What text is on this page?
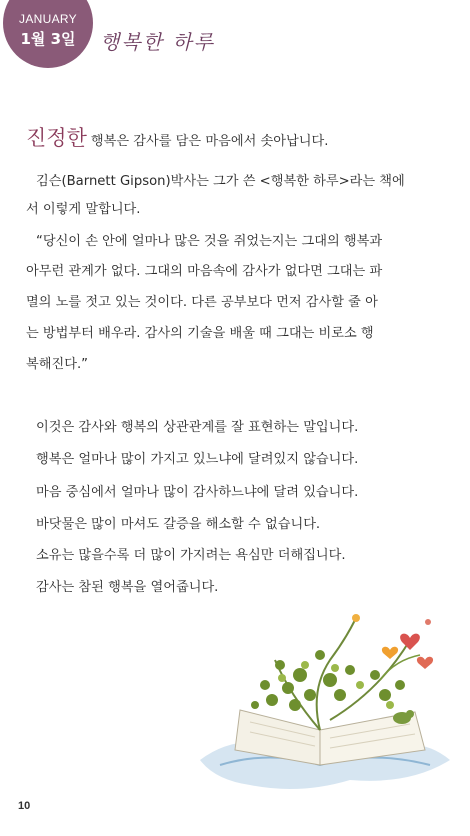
JANUARY
1월 3일	행복한 하루
진정한 행복은 감사를 담은 마음에서 솟아납니다.
김슨(Barnett Gipson)박사는 그가 쓴 <행복한 하루>라는 책에
서 이렇게 말합니다.
“당신이 손 안에 얼마나 많은 것을 쥐었는지는 그대의 행복과
아무런 관계가 없다. 그대의 마음속에 감사가 없다면 그대는 파
멸의 노를 젓고 있는 것이다. 다른 공부보다 먼저 감사할 줄 아
는 방법부터 배우라. 감사의 기술을 배울 때 그대는 비로소 행
복해진다.”
이것은 감사와 행복의 상관관계를 잘 표현하는 말입니다.
행복은 얼마나 많이 가지고 있느냐에 달려있지 않습니다.
마음 중심에서 얼마나 많이 감사하느냐에 달려 있습니다.
바닷물은 많이 마셔도 갈증을 해소할 수 없습니다.
소유는 많을수록 더 많이 가지려는 욕심만 더해집니다.
감사는 참된 행복을 열어줍니다.
10
